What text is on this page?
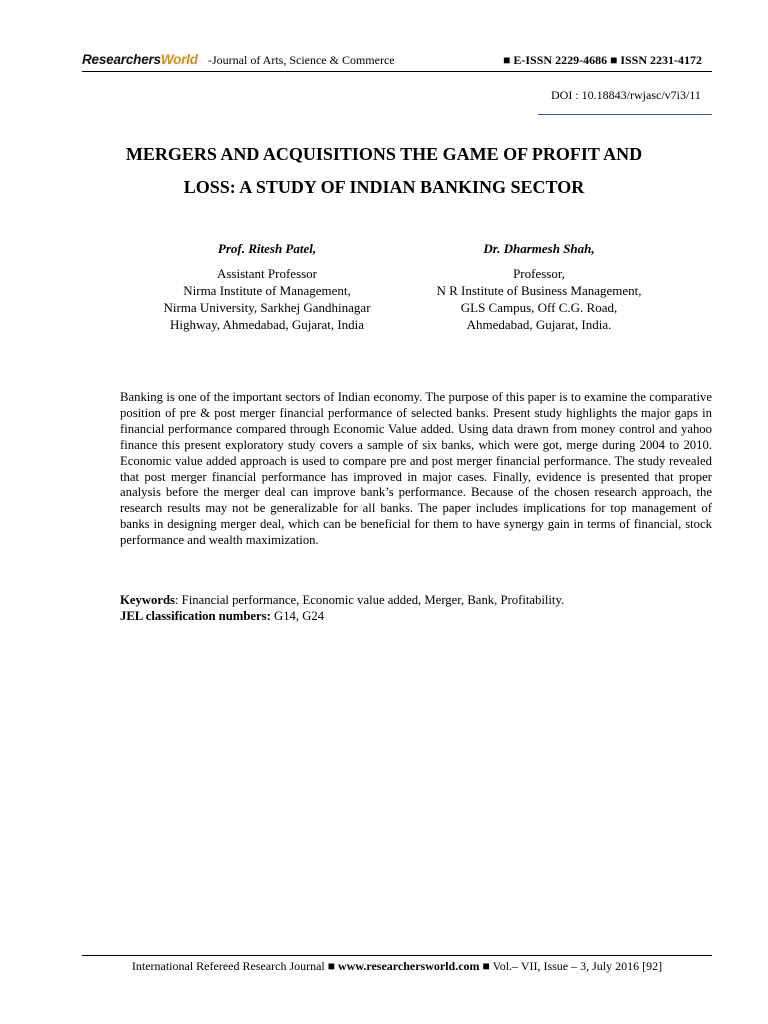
ResearchersWorld -Journal of Arts, Science & Commerce	■ E-ISSN 2229-4686 ■ ISSN 2231-4172
DOI : 10.18843/rwjasc/v7i3/11
MERGERS AND ACQUISITIONS THE GAME OF PROFIT AND LOSS: A STUDY OF INDIAN BANKING SECTOR
Prof. Ritesh Patel,
Assistant Professor
Nirma Institute of Management,
Nirma University, Sarkhej Gandhinagar
Highway, Ahmedabad, Gujarat, India
Dr. Dharmesh Shah,
Professor,
N R Institute of Business Management,
GLS Campus, Off C.G. Road,
Ahmedabad, Gujarat, India.
Banking is one of the important sectors of Indian economy. The purpose of this paper is to examine the comparative position of pre & post merger financial performance of selected banks. Present study highlights the major gaps in financial performance compared through Economic Value added. Using data drawn from money control and yahoo finance this present exploratory study covers a sample of six banks, which were got, merge during 2004 to 2010. Economic value added approach is used to compare pre and post merger financial performance. The study revealed that post merger financial performance has improved in major cases. Finally, evidence is presented that proper analysis before the merger deal can improve bank’s performance. Because of the chosen research approach, the research results may not be generalizable for all banks. The paper includes implications for top management of banks in designing merger deal, which can be beneficial for them to have synergy gain in terms of financial, stock performance and wealth maximization.
Keywords: Financial performance, Economic value added, Merger, Bank, Profitability.
JEL classification numbers: G14, G24
International Refereed Research Journal ■ www.researchersworld.com ■ Vol.– VII, Issue – 3, July 2016 [92]
